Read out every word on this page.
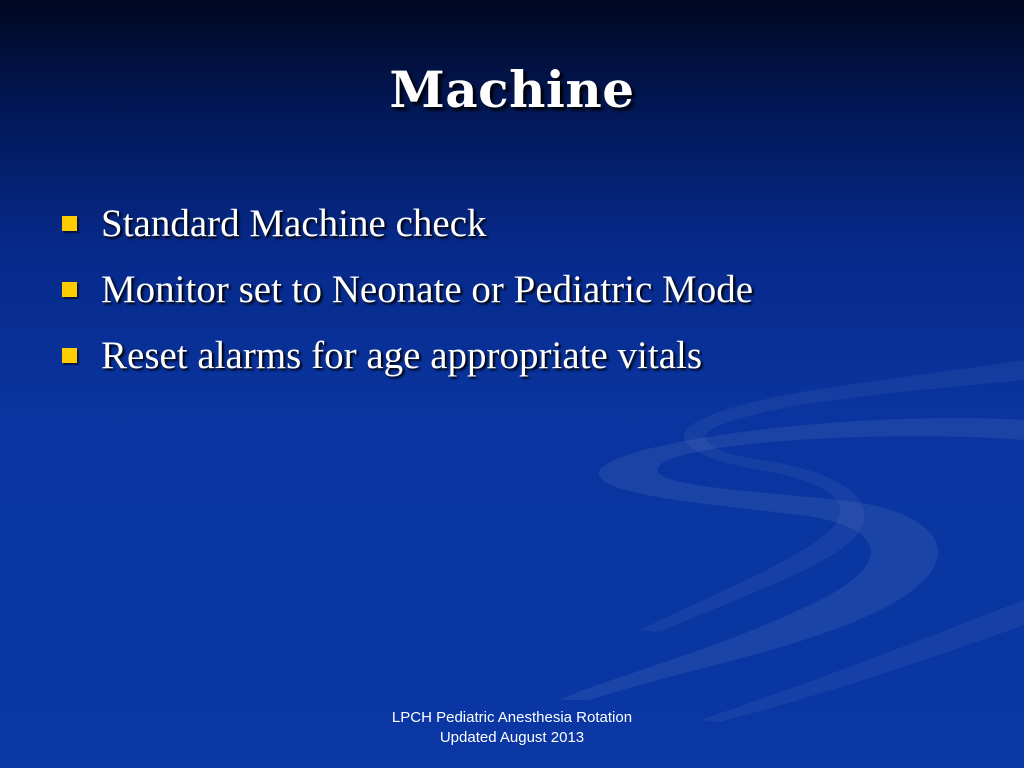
Machine
Standard Machine check
Monitor set to Neonate or Pediatric Mode
Reset alarms for age appropriate vitals
LPCH Pediatric Anesthesia Rotation
Updated August 2013
